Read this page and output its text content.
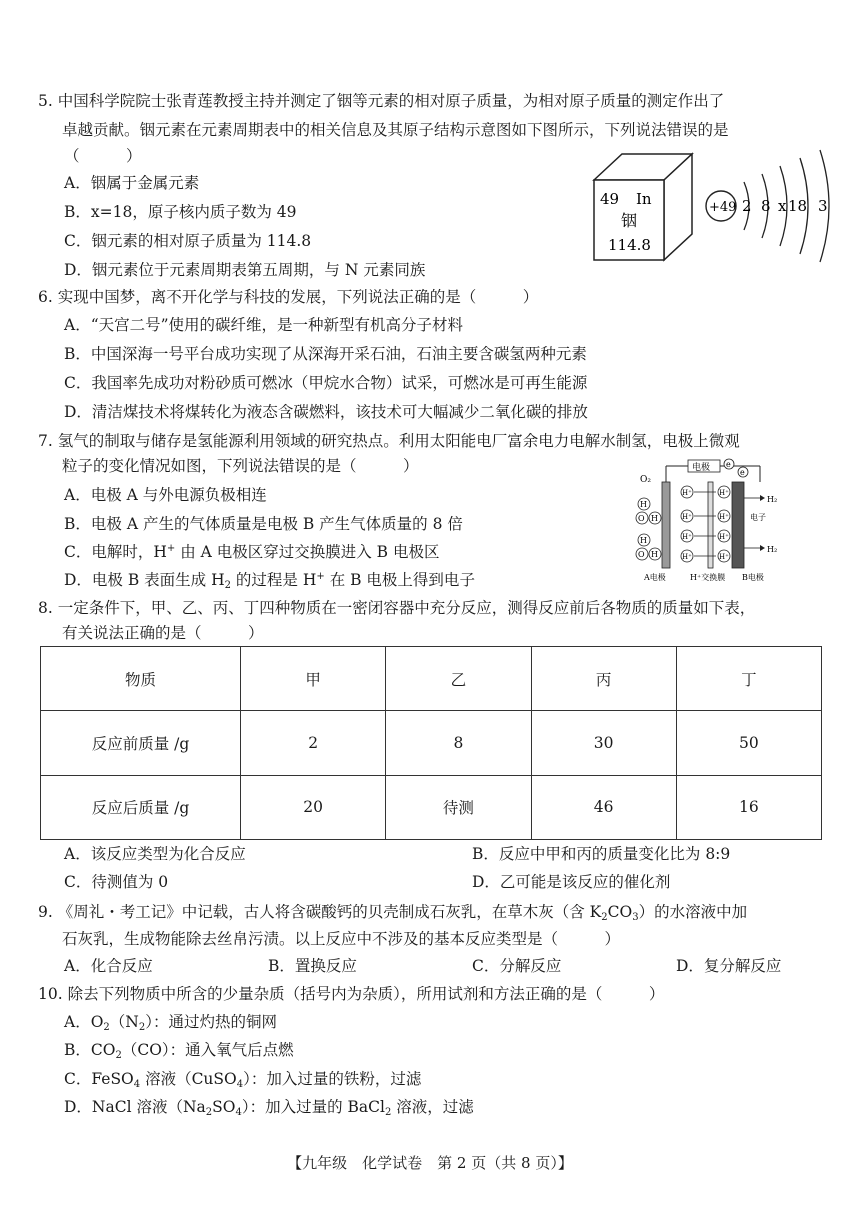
5. 中国科学院院士张青莲教授主持并测定了铟等元素的相对原子质量，为相对原子质量的测定作出了
卓越贡献。铟元素在元素周期表中的相关信息及其原子结构示意图如下图所示，下列说法错误的是
（　　　）
A．铟属于金属元素
B．x=18，原子核内质子数为 49
C．铟元素的相对原子质量为 114.8
D．铟元素位于元素周期表第五周期，与 N 元素同族
49 In
铟
114.8
+49 2 8 x 18 3
6. 实现中国梦，离不开化学与科技的发展，下列说法正确的是（　　　）
A．“天宫二号”使用的碳纤维，是一种新型有机高分子材料
B．中国深海一号平台成功实现了从深海开采石油，石油主要含碳氢两种元素
C．我国率先成功对粉砂质可燃冰（甲烷水合物）试采，可燃冰是可再生能源
D．清洁煤技术将煤转化为液态含碳燃料，该技术可大幅减少二氧化碳的排放
7. 氢气的制取与储存是氢能源利用领域的研究热点。利用太阳能电厂富余电力电解水制氢，电极上微观
粒子的变化情况如图，下列说法错误的是（　　　）
A．电极 A 与外电源负极相连
B．电极 A 产生的气体质量是电极 B 产生气体质量的 8 倍
C．电解时，H+ 由 A 电极区穿过交换膜进入 B 电极区
D．电极 B 表面生成 $H_2$ 的过程是 H+ 在 B 电极上得到电子
电极
O₂
e
e
H
O H
H
O H
H⁺	H⁺
H⁺	H⁺
H⁺	H⁺
H⁺	H⁺
H₂
电子
H₂
A电极	H⁺交换膜 B电极
8. 一定条件下，甲、乙、丙、丁四种物质在一密闭容器中充分反应，测得反应前后各物质的质量如下表，
有关说法正确的是（　　　）
物质	甲	乙	丙	丁
反应前质量 /g	2	8	30	50
反应后质量 /g	20	待测	46	16
A．该反应类型为化合反应	B．反应中甲和丙的质量变化比为 8:9
C．待测值为 0	D．乙可能是该反应的催化剂
9. 《周礼・考工记》中记载，古人将含碳酸钙的贝壳制成石灰乳，在草木灰（含 $K_2CO_3$）的水溶液中加
石灰乳，生成物能除去丝帛污渍。以上反应中不涉及的基本反应类型是（　　　）
A．化合反应	B．置换反应	C．分解反应	D．复分解反应
10. 除去下列物质中所含的少量杂质（括号内为杂质），所用试剂和方法正确的是（　　　）
A．$O_2(N_2)$：通过灼热的铜网
B．$CO_2(CO)$：通入氧气后点燃
C．FeSO$_4$ 溶液（CuSO$_4$）：加入过量的铁粉，过滤
D．NaCl 溶液$(Na_2SO_4)$：加入过量的 BaCl$_2$ 溶液，过滤
【九年级　化学试卷　第 2 页（共 8 页）】
